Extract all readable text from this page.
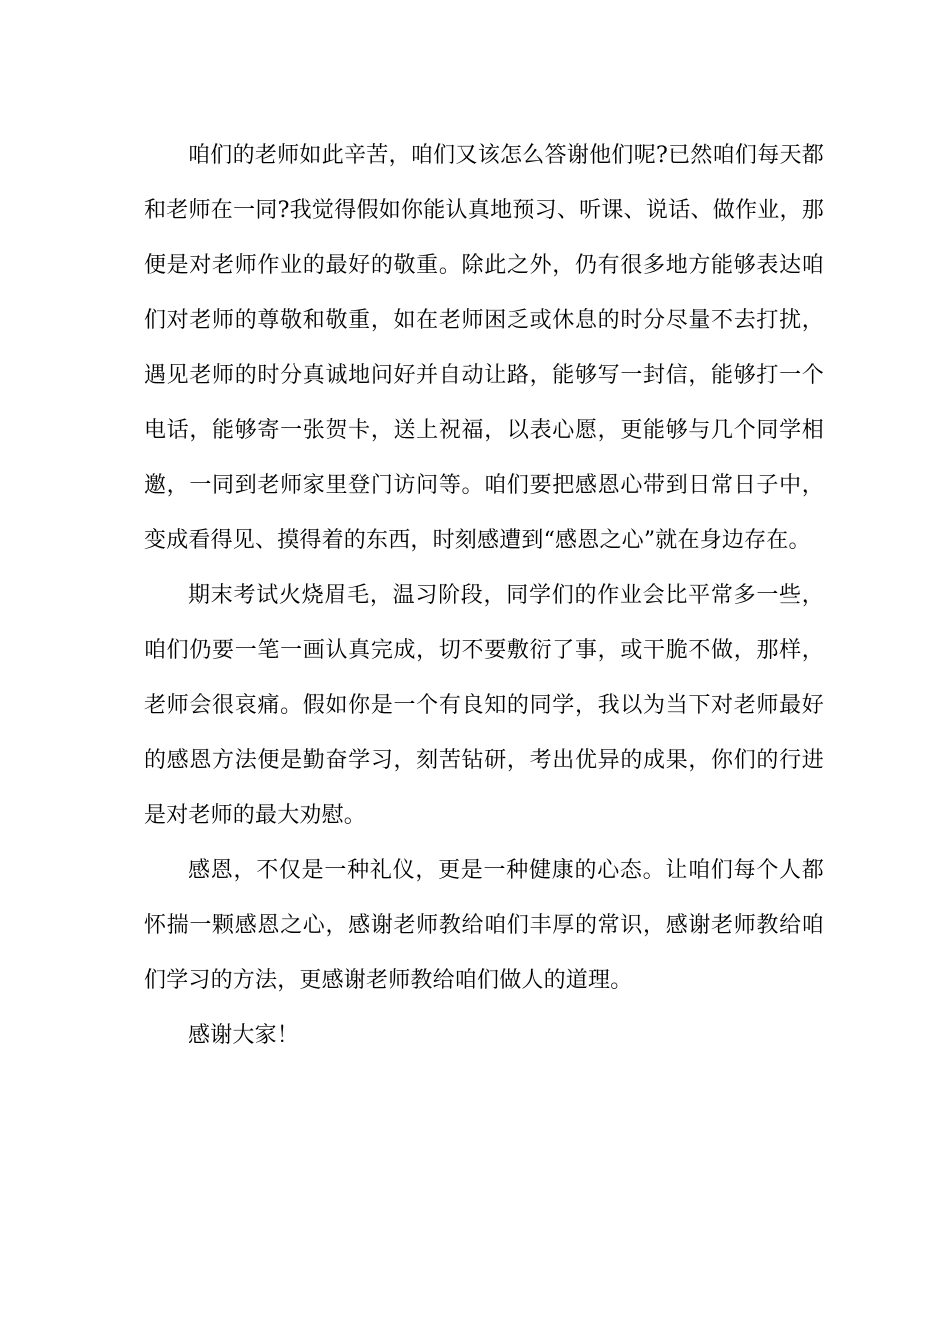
咱们的老师如此辛苦，咱们又该怎么答谢他们呢?已然咱们每天都和老师在一同?我觉得假如你能认真地预习、听课、说话、做作业，那便是对老师作业的最好的敬重。除此之外，仍有很多地方能够表达咱们对老师的尊敬和敬重，如在老师困乏或休息的时分尽量不去打扰，遇见老师的时分真诚地问好并自动让路，能够写一封信，能够打一个电话，能够寄一张贺卡，送上祝福，以表心愿，更能够与几个同学相邀，一同到老师家里登门访问等。咱们要把感恩心带到日常日子中，变成看得见、摸得着的东西，时刻感遭到“感恩之心”就在身边存在。

期末考试火烧眉毛，温习阶段，同学们的作业会比平常多一些，咱们仍要一笔一画认真完成，切不要敷衍了事，或干脆不做，那样，老师会很哀痛。假如你是一个有良知的同学，我以为当下对老师最好的感恩方法便是勤奋学习，刻苦钻研，考出优异的成果，你们的行进是对老师的最大劝慰。

感恩，不仅是一种礼仪，更是一种健康的心态。让咱们每个人都怀揣一颗感恩之心，感谢老师教给咱们丰厚的常识，感谢老师教给咱们学习的方法，更感谢老师教给咱们做人的道理。

感谢大家！
